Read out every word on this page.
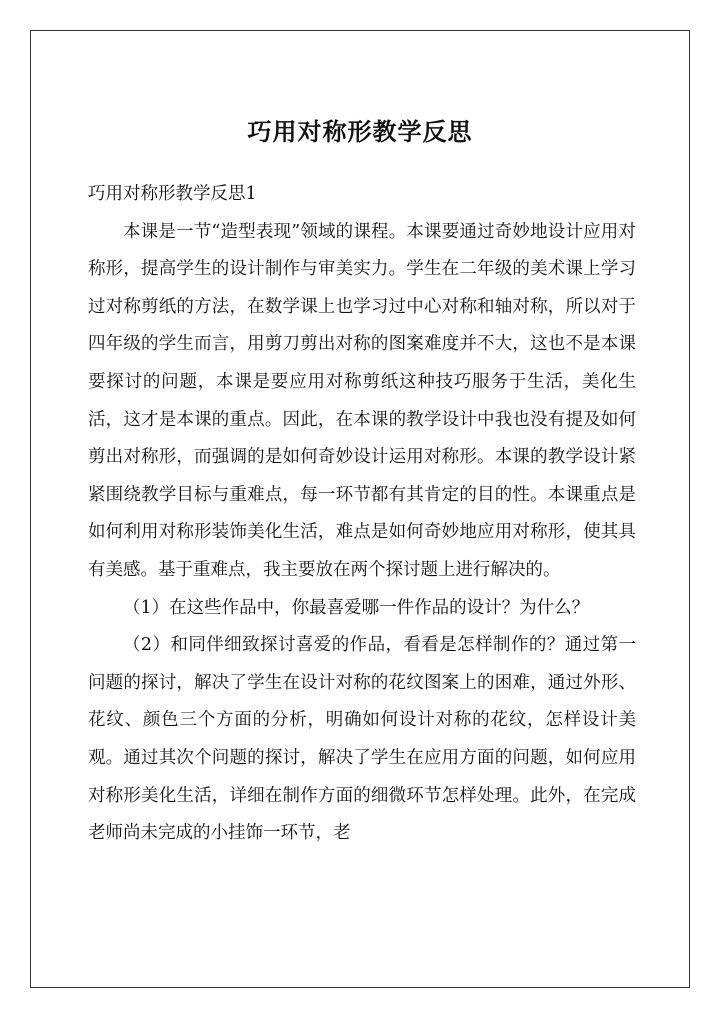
巧用对称形教学反思

巧用对称形教学反思1

本课是一节“造型表现”领域的课程。本课要通过奇妙地设计应用对称形，提高学生的设计制作与审美实力。学生在二年级的美术课上学习过对称剪纸的方法，在数学课上也学习过中心对称和轴对称，所以对于四年级的学生而言，用剪刀剪出对称的图案难度并不大，这也不是本课要探讨的问题，本课是要应用对称剪纸这种技巧服务于生活，美化生活，这才是本课的重点。因此，在本课的教学设计中我也没有提及如何剪出对称形，而强调的是如何奇妙设计运用对称形。本课的教学设计紧紧围绕教学目标与重难点，每一环节都有其肯定的目的性。本课重点是如何利用对称形装饰美化生活，难点是如何奇妙地应用对称形，使其具有美感。基于重难点，我主要放在两个探讨题上进行解决的。

（1）在这些作品中，你最喜爱哪一件作品的设计？为什么？

（2）和同伴细致探讨喜爱的作品，看看是怎样制作的？通过第一问题的探讨，解决了学生在设计对称的花纹图案上的困难，通过外形、花纹、颜色三个方面的分析，明确如何设计对称的花纹，怎样设计美观。通过其次个问题的探讨，解决了学生在应用方面的问题，如何应用对称形美化生活，详细在制作方面的细微环节怎样处理。此外，在完成老师尚未完成的小挂饰一环节，老
